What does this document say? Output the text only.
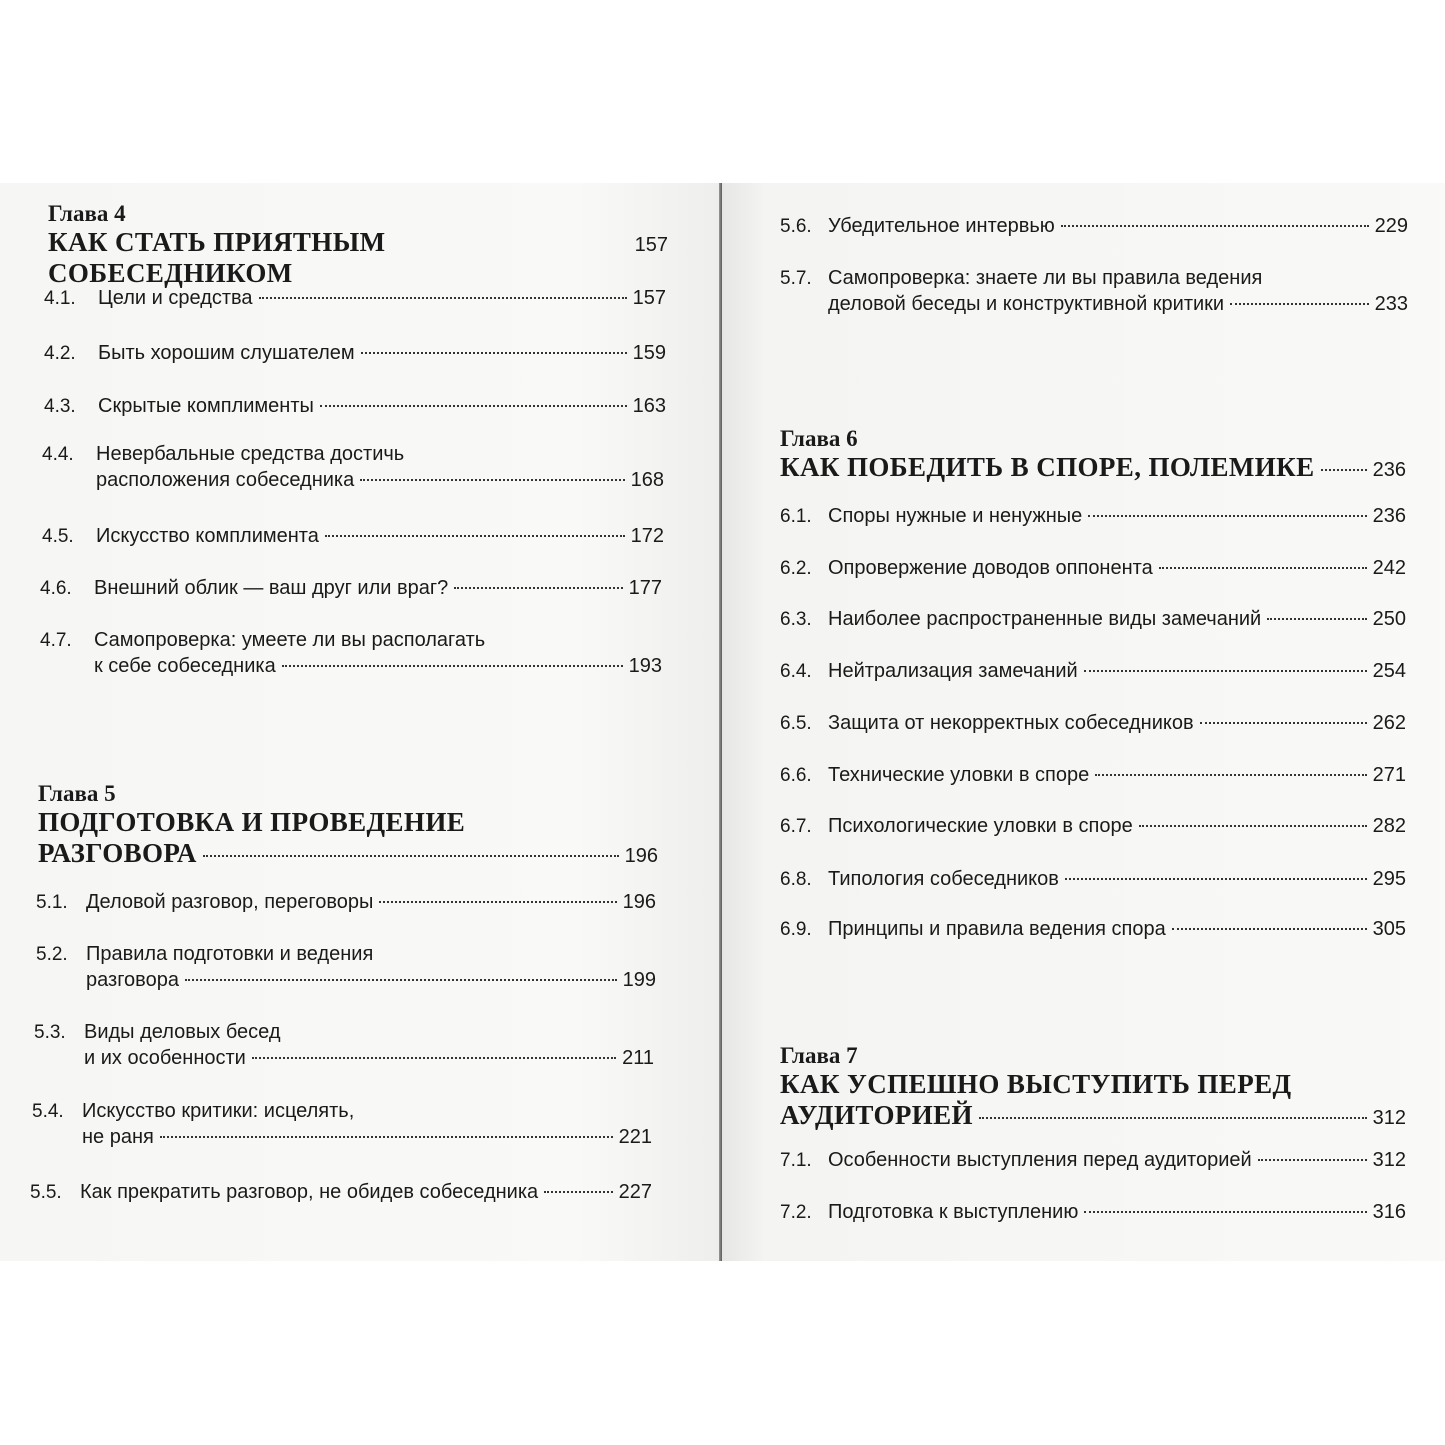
Глава 4
КАК СТАТЬ ПРИЯТНЫМ СОБЕСЕДНИКОМ
157
4.1.	Цели и средства	157
4.2.	Быть хорошим слушателем	159
4.3.	Скрытые комплименты	163
4.4.	Невербальные средства достичь
расположения собеседника	168
4.5.	Искусство комплимента	172
4.6.	Внешний облик — ваш друг или враг?	177
4.7.	Самопроверка: умеете ли вы располагать
к себе собеседника	193
Глава 5
ПОДГОТОВКА И ПРОВЕДЕНИЕ
РАЗГОВОРА	196
5.1. Деловой разговор, переговоры	196
5.2. Правила подготовки и ведения
разговора	199
5.3. Виды деловых бесед
и их особенности	211
5.4. Искусство критики: исцелять,
не раня	221
5.5. Как прекратить разговор, не обидев собеседника	227
5.6. Убедительное интервью	229
5.7. Самопроверка: знаете ли вы правила ведения
деловой беседы и конструктивной критики	233
Глава 6
КАК ПОБЕДИТЬ В СПОРЕ, ПОЛЕМИКЕ	236
6.1. Споры нужные и ненужные	236
6.2. Опровержение доводов оппонента	242
6.3. Наиболее распространенные виды замечаний	250
6.4. Нейтрализация замечаний	254
6.5. Защита от некорректных собеседников	262
6.6. Технические уловки в споре	271
6.7. Психологические уловки в споре	282
6.8. Типология собеседников	295
6.9. Принципы и правила ведения спора	305
Глава 7
КАК УСПЕШНО ВЫСТУПИТЬ ПЕРЕД
АУДИТОРИЕЙ	312
7.1. Особенности выступления перед аудиторией	312
7.2. Подготовка к выступлению	316
